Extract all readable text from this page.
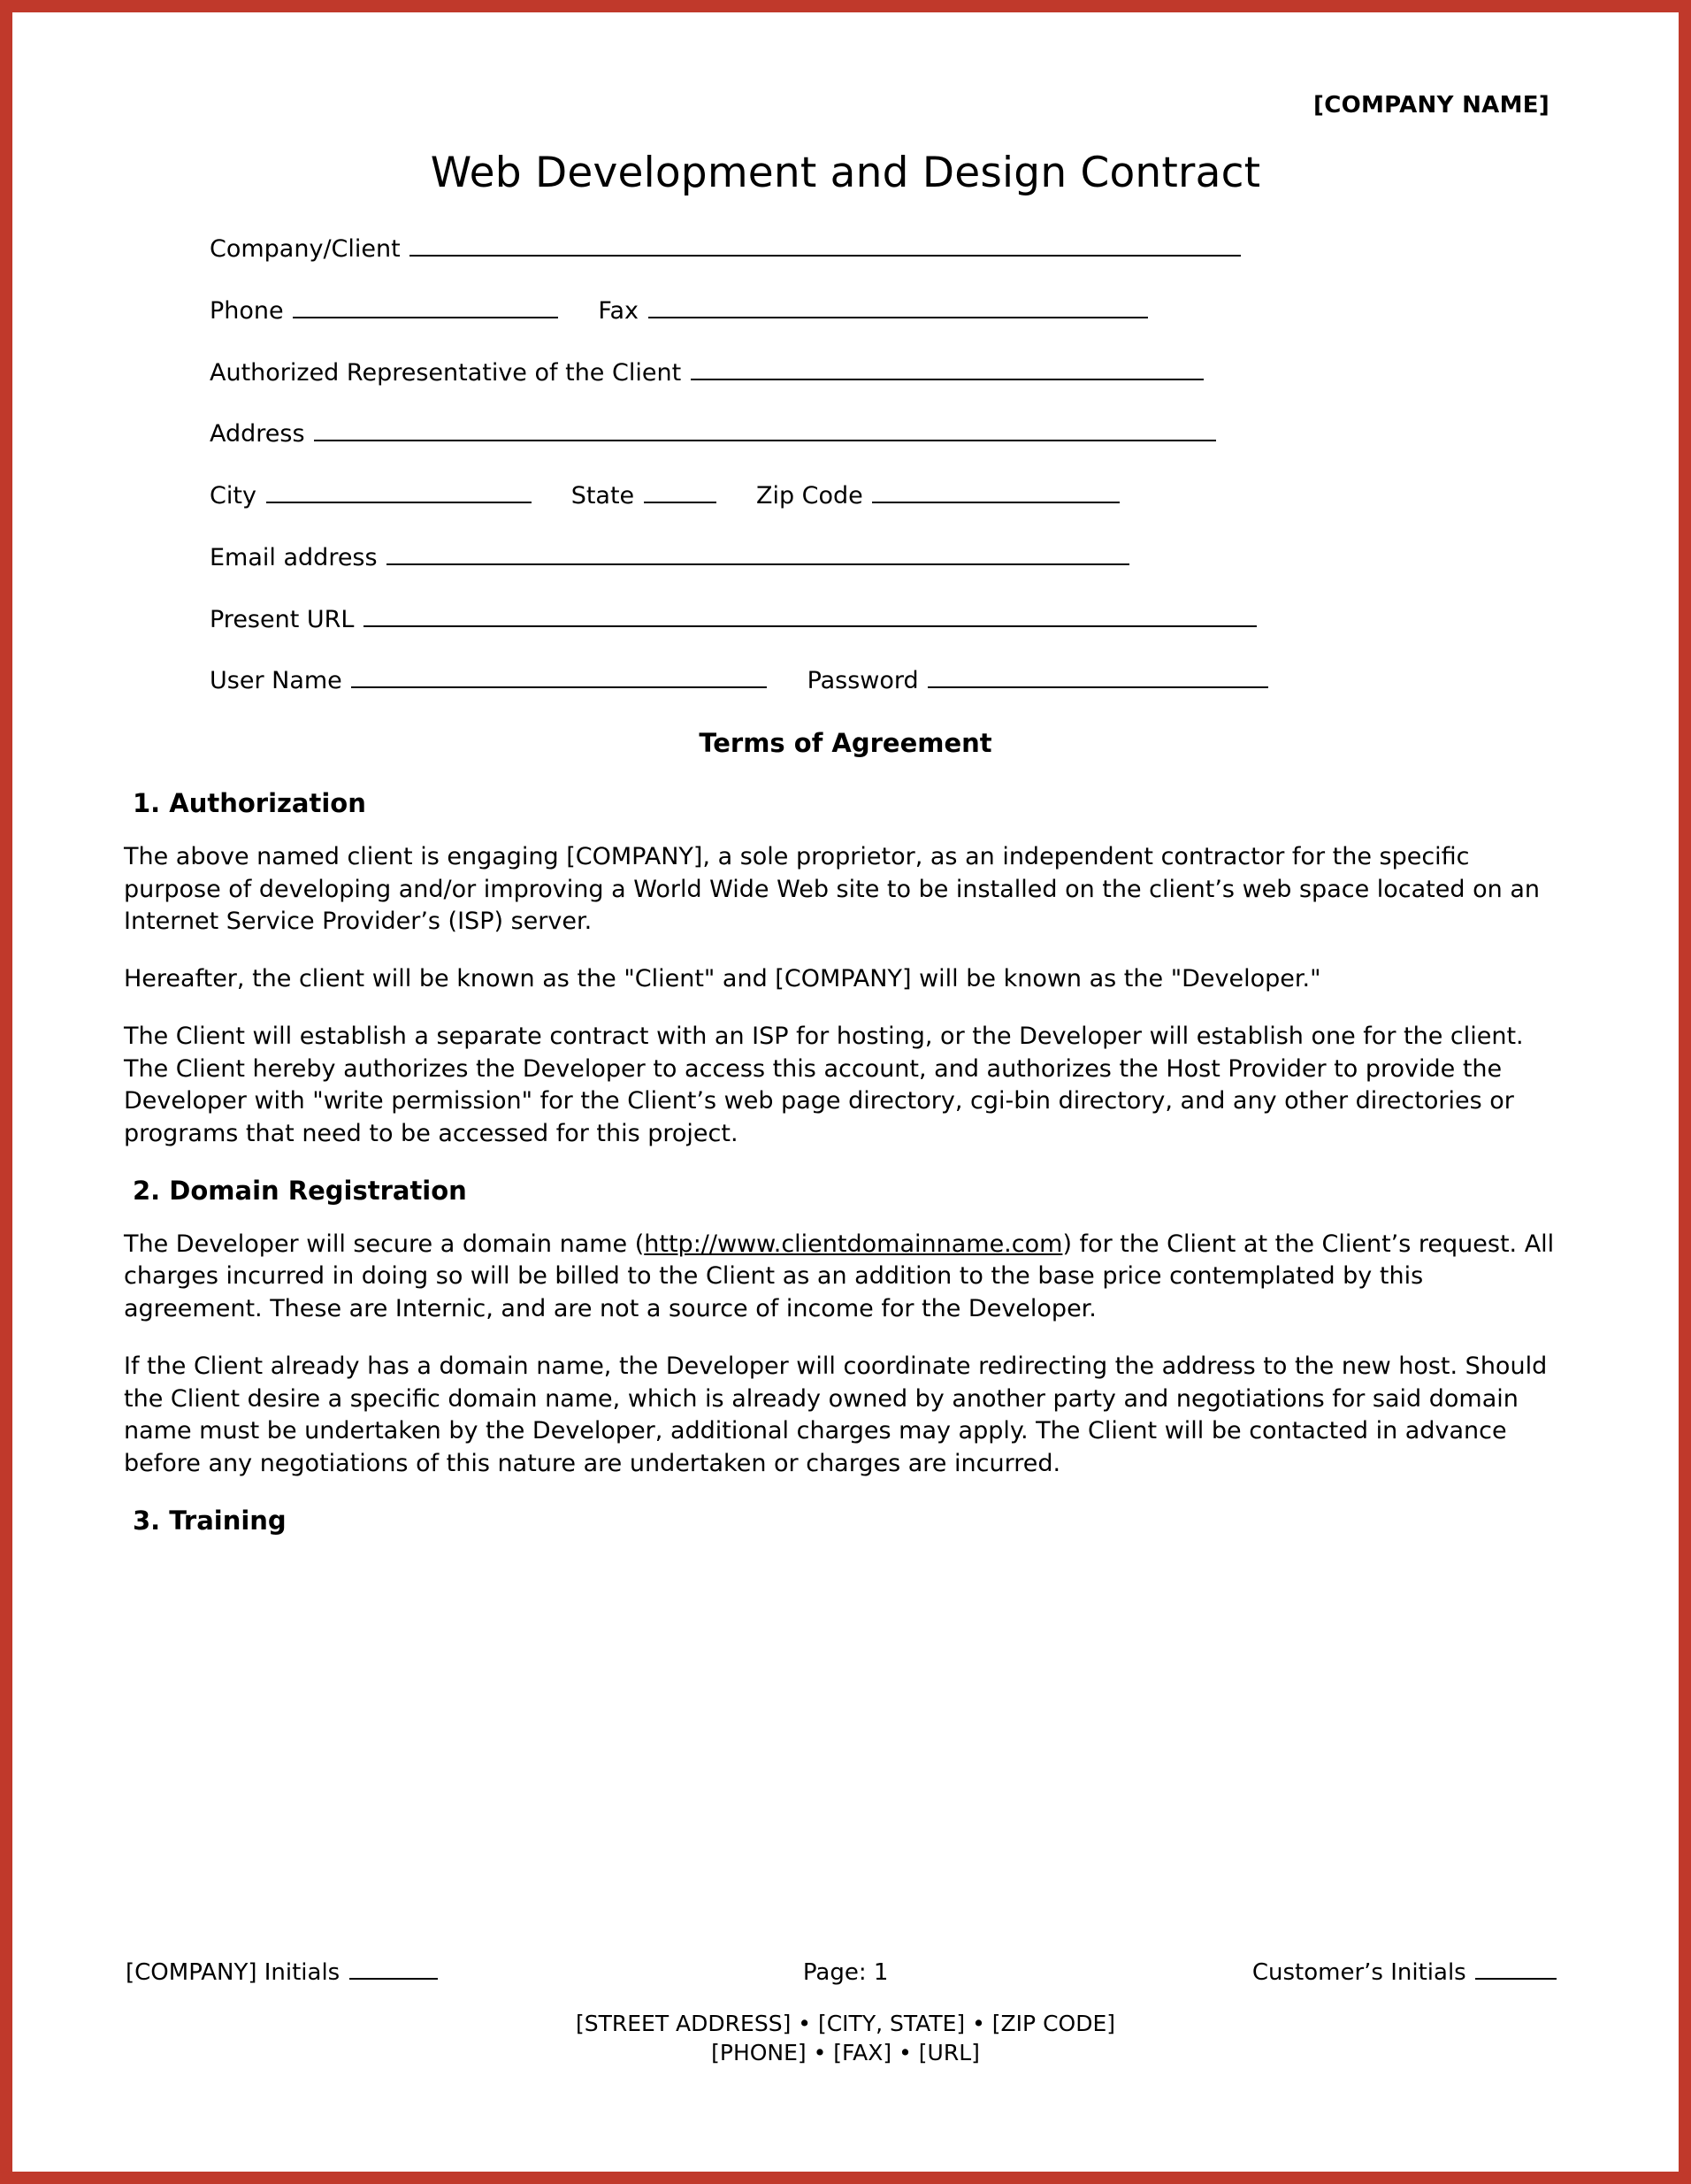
[COMPANY NAME]
Web Development and Design Contract
Company/Client
Phone	Fax
Authorized Representative of the Client
Address
City	State	Zip Code
Email address
Present URL
User Name	Password
Terms of Agreement
1. Authorization

The above named client is engaging [COMPANY], a sole proprietor, as an independent contractor for the specific purpose of developing and/or improving a World Wide Web site to be installed on the client’s web space located on an Internet Service Provider’s (ISP) server.

Hereafter, the client will be known as the "Client" and [COMPANY] will be known as the "Developer."

The Client will establish a separate contract with an ISP for hosting, or the Developer will establish one for the client. The Client hereby authorizes the Developer to access this account, and authorizes the Host Provider to provide the Developer with "write permission" for the Client’s web page directory, cgi-bin directory, and any other directories or programs that need to be accessed for this project.

2. Domain Registration

The Developer will secure a domain name (http://www.clientdomainname.com) for the Client at the Client’s request. All charges incurred in doing so will be billed to the Client as an addition to the base price contemplated by this agreement. These are Internic, and are not a source of income for the Developer.

If the Client already has a domain name, the Developer will coordinate redirecting the address to the new host. Should the Client desire a specific domain name, which is already owned by another party and negotiations for said domain name must be undertaken by the Developer, additional charges may apply. The Client will be contacted in advance before any negotiations of this nature are undertaken or charges are incurred.

3. Training
[COMPANY] Initials	Page: 1	Customer’s Initials
[STREET ADDRESS] • [CITY, STATE] • [ZIP CODE]
[PHONE] • [FAX] • [URL]
